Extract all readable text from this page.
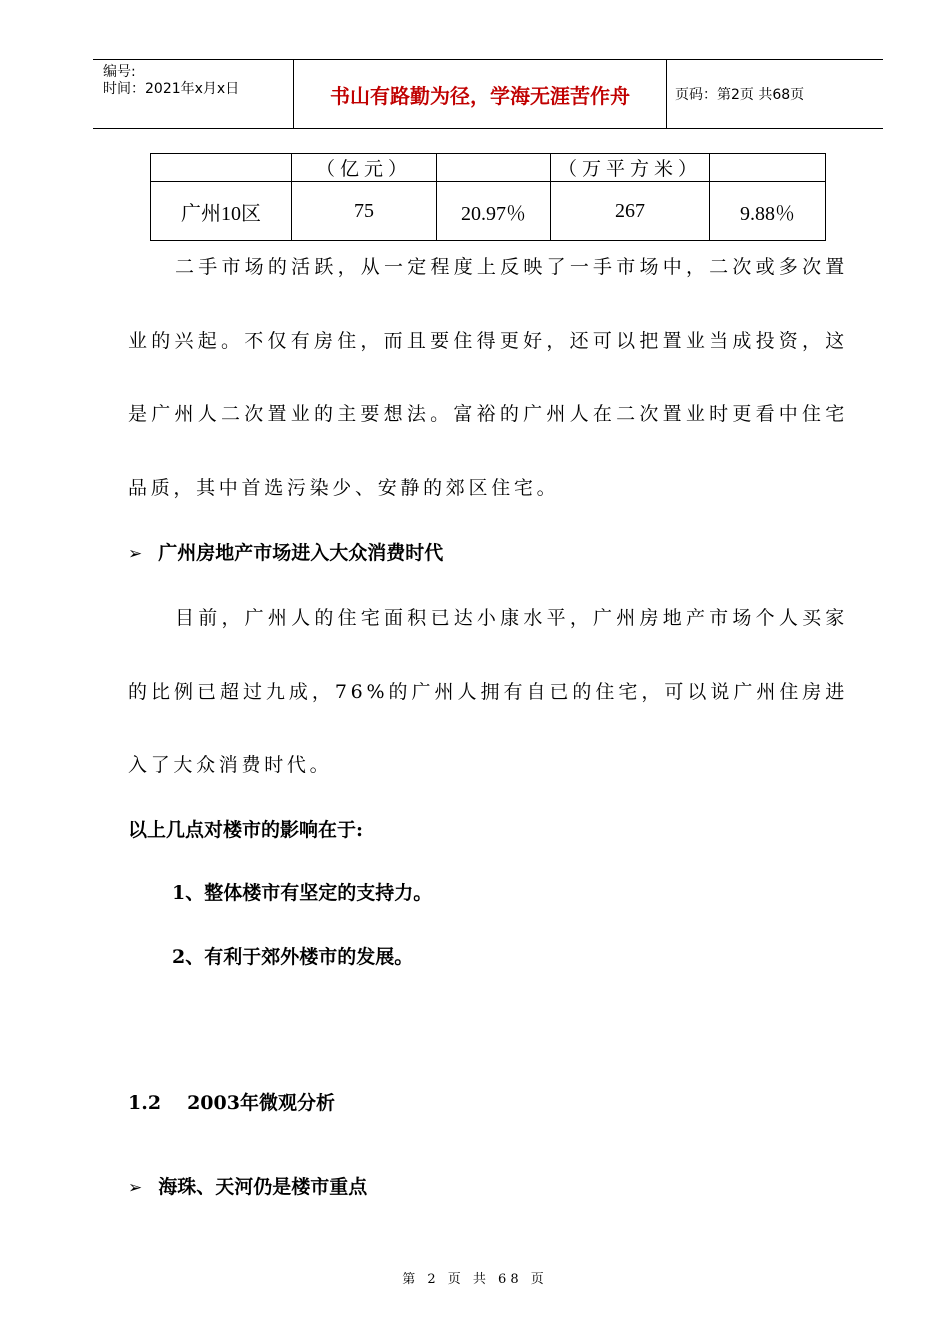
编号:
时间：2021年x月x日	书山有路勤为径，学海无涯苦作舟	页码：第2页 共68页
	（亿元）		（万平方米）	
广州10区	75	20.97％	267	9.88％
二手市场的活跃，从一定程度上反映了一手市场中，二次或多次置业的兴起。不仅有房住，而且要住得更好，还可以把置业当成投资，这是广州人二次置业的主要想法。富裕的广州人在二次置业时更看中住宅品质，其中首选污染少、安静的郊区住宅。
➢ 广州房地产市场进入大众消费时代
目前，广州人的住宅面积已达小康水平，广州房地产市场个人买家的比例已超过九成，76%的广州人拥有自已的住宅，可以说广州住房进入了大众消费时代。
以上几点对楼市的影响在于:
1、整体楼市有坚定的支持力。
2、有利于郊外楼市的发展。
1.2 2003年微观分析
➢ 海珠、天河仍是楼市重点
第 2 页 共 68 页
